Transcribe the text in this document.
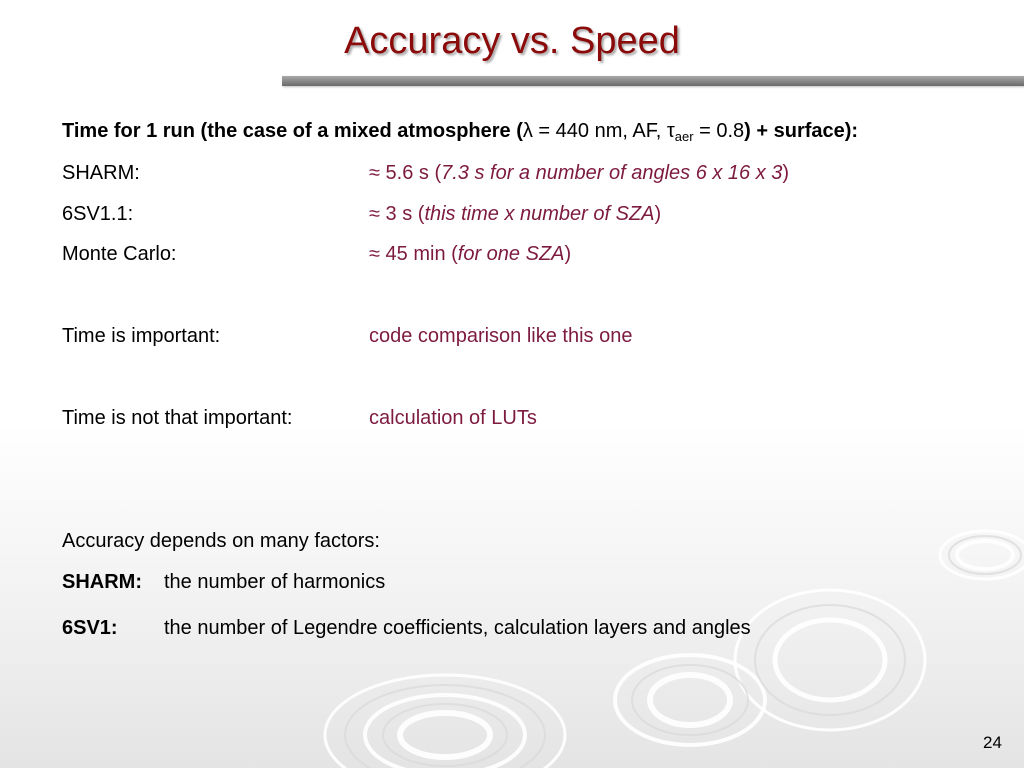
Accuracy vs. Speed
Time for 1 run (the case of a mixed atmosphere (λ = 440 nm, AF, $\tau_{aer} = 0.8$) + surface):
SHARM:	≈ 5.6 s (7.3 s for a number of angles 6 x 16 x 3)
6SV1.1:	≈ 3 s (this time x number of SZA)
Monte Carlo:	≈ 45 min (for one SZA)
Time is important:	code comparison like this one
Time is not that important:	calculation of LUTs
Accuracy depends on many factors:
SHARM: the number of harmonics
6SV1: the number of Legendre coefficients, calculation layers and angles
24
